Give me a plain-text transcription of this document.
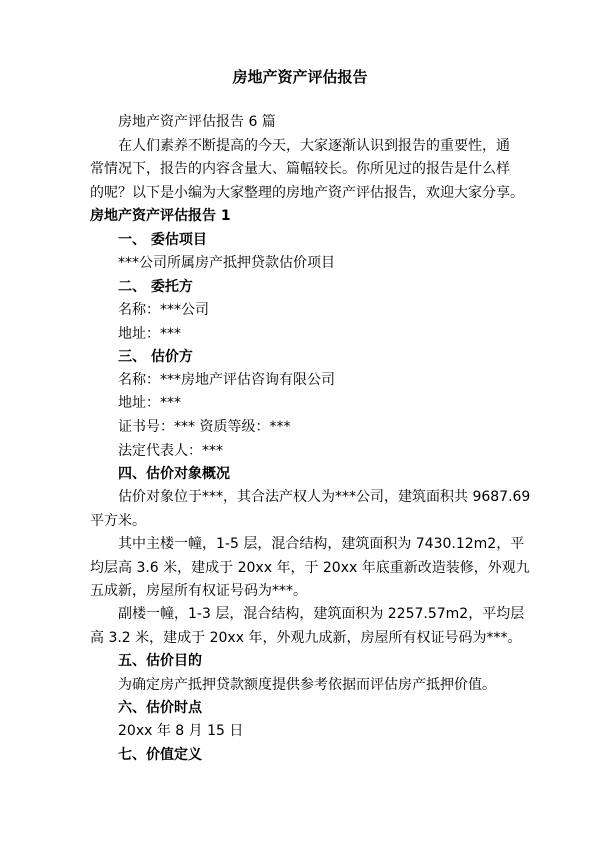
房地产资产评估报告
房地产资产评估报告 6 篇
在人们素养不断提高的今天，大家逐渐认识到报告的重要性，通
常情况下，报告的内容含量大、篇幅较长。你所见过的报告是什么样
的呢？以下是小编为大家整理的房地产资产评估报告，欢迎大家分享。
房地产资产评估报告 1
一、 委估项目
***公司所属房产抵押贷款估价项目
二、 委托方
名称：***公司
地址：***
三、 估价方
名称：***房地产评估咨询有限公司
地址：***
证书号：*** 资质等级：***
法定代表人：***
四、估价对象概况
估价对象位于***，其合法产权人为***公司，建筑面积共 9687.69
平方米。
其中主楼一幢，1-5 层，混合结构，建筑面积为 7430.12m2，平
均层高 3.6 米，建成于 20xx 年，于 20xx 年底重新改造装修，外观九
五成新，房屋所有权证号码为***。
副楼一幢，1-3 层，混合结构，建筑面积为 2257.57m2，平均层
高 3.2 米，建成于 20xx 年，外观九成新，房屋所有权证号码为***。
五、估价目的
为确定房产抵押贷款额度提供参考依据而评估房产抵押价值。
六、估价时点
20xx 年 8 月 15 日
七、价值定义
